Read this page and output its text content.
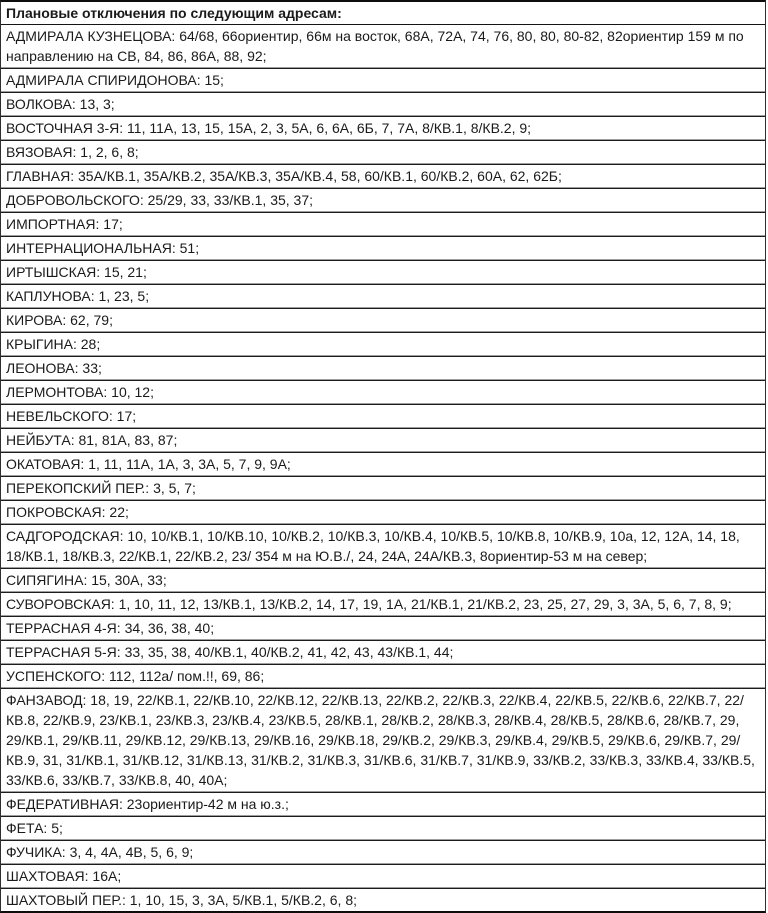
Плановые отключения по следующим адресам:
АДМИРАЛА КУЗНЕЦОВА: 64/68, 66ориентир, 66м на восток, 68А, 72А, 74, 76, 80, 80, 80-82, 82ориентир 159 м по направлению на СВ, 84, 86, 86А, 88, 92;
АДМИРАЛА СПИРИДОНОВА: 15;
ВОЛКОВА: 13, 3;
ВОСТОЧНАЯ 3-Я: 11, 11А, 13, 15, 15А, 2, 3, 5А, 6, 6А, 6Б, 7, 7А, 8/КВ.1, 8/КВ.2, 9;
ВЯЗОВАЯ: 1, 2, 6, 8;
ГЛАВНАЯ: 35А/КВ.1, 35А/КВ.2, 35А/КВ.3, 35А/КВ.4, 58, 60/КВ.1, 60/КВ.2, 60А, 62, 62Б;
ДОБРОВОЛЬСКОГО: 25/29, 33, 33/КВ.1, 35, 37;
ИМПОРТНАЯ: 17;
ИНТЕРНАЦИОНАЛЬНАЯ: 51;
ИРТЫШСКАЯ: 15, 21;
КАПЛУНОВА: 1, 23, 5;
КИРОВА: 62, 79;
КРЫГИНА: 28;
ЛЕОНОВА: 33;
ЛЕРМОНТОВА: 10, 12;
НЕВЕЛЬСКОГО: 17;
НЕЙБУТА: 81, 81А, 83, 87;
ОКАТОВАЯ: 1, 11, 11А, 1А, 3, 3А, 5, 7, 9, 9А;
ПЕРЕКОПСКИЙ ПЕР.: 3, 5, 7;
ПОКРОВСКАЯ: 22;
САДГОРОДСКАЯ: 10, 10/КВ.1, 10/КВ.10, 10/КВ.2, 10/КВ.3, 10/КВ.4, 10/КВ.5, 10/КВ.8, 10/КВ.9, 10а, 12, 12А, 14, 18, 18/КВ.1, 18/КВ.3, 22/КВ.1, 22/КВ.2, 23/ 354 м на Ю.В./, 24, 24А, 24А/КВ.3, 8ориентир-53 м на север;
СИПЯГИНА: 15, 30А, 33;
СУВОРОВСКАЯ: 1, 10, 11, 12, 13/КВ.1, 13/КВ.2, 14, 17, 19, 1А, 21/КВ.1, 21/КВ.2, 23, 25, 27, 29, 3, 3А, 5, 6, 7, 8, 9;
ТЕРРАСНАЯ 4-Я: 34, 36, 38, 40;
ТЕРРАСНАЯ 5-Я: 33, 35, 38, 40/КВ.1, 40/КВ.2, 41, 42, 43, 43/КВ.1, 44;
УСПЕНСКОГО: 112, 112а/ пом.!!, 69, 86;
ФАНЗАВОД: 18, 19, 22/КВ.1, 22/КВ.10, 22/КВ.12, 22/КВ.13, 22/КВ.2, 22/КВ.3, 22/КВ.4, 22/КВ.5, 22/КВ.6, 22/КВ.7, 22/КВ.8, 22/КВ.9, 23/КВ.1, 23/КВ.3, 23/КВ.4, 23/КВ.5, 28/КВ.1, 28/КВ.2, 28/КВ.3, 28/КВ.4, 28/КВ.5, 28/КВ.6, 28/КВ.7, 29, 29/КВ.1, 29/КВ.11, 29/КВ.12, 29/КВ.13, 29/КВ.16, 29/КВ.18, 29/КВ.2, 29/КВ.3, 29/КВ.4, 29/КВ.5, 29/КВ.6, 29/КВ.7, 29/КВ.9, 31, 31/КВ.1, 31/КВ.12, 31/КВ.13, 31/КВ.2, 31/КВ.3, 31/КВ.6, 31/КВ.7, 31/КВ.9, 33/КВ.2, 33/КВ.3, 33/КВ.4, 33/КВ.5, 33/КВ.6, 33/КВ.7, 33/КВ.8, 40, 40А;
ФЕДЕРАТИВНАЯ: 23ориентир-42 м на ю.з.;
ФЕТА: 5;
ФУЧИКА: 3, 4, 4А, 4В, 5, 6, 9;
ШАХТОВАЯ: 16А;
ШАХТОВЫЙ ПЕР.: 1, 10, 15, 3, 3А, 5/КВ.1, 5/КВ.2, 6, 8;
